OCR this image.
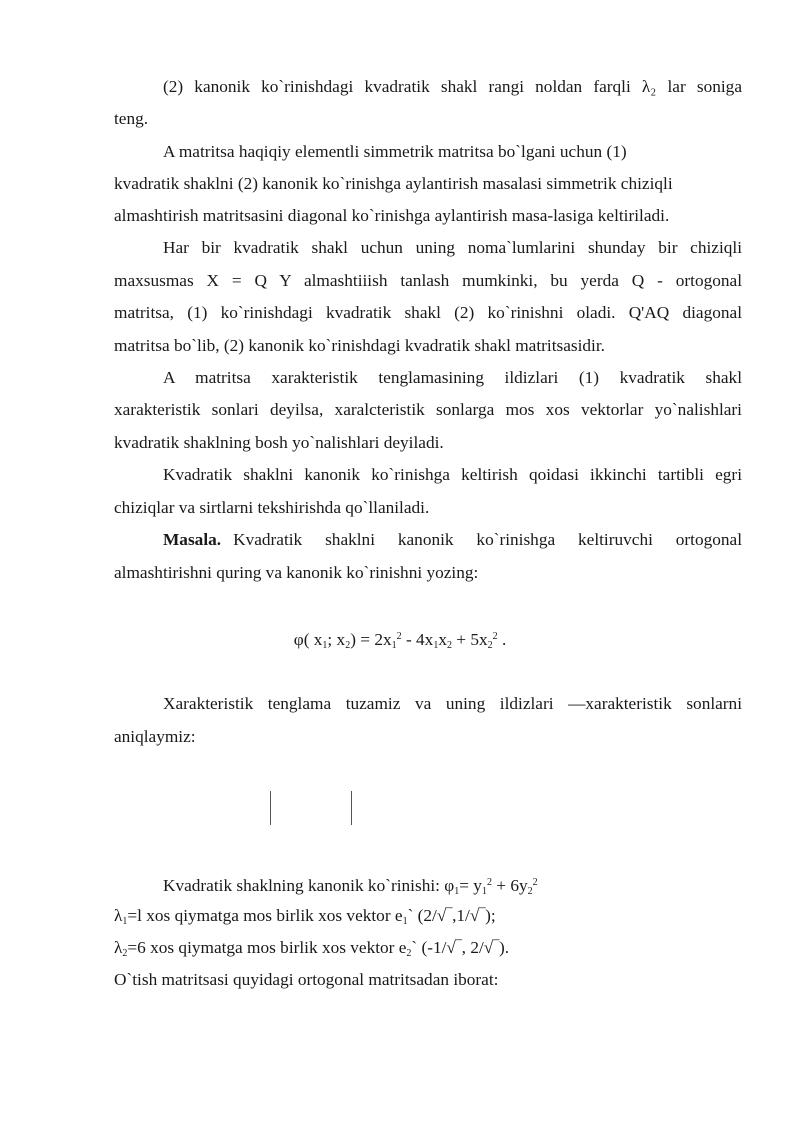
(2) kanonik ko`rinishdagi kvadratik shakl rangi noldan farqli λ₂ lar soniga
teng.
A matritsa haqiqiy elementli simmetrik matritsa bo`lgani uchun (1)
kvadratik shaklni (2) kanonik ko`rinishga aylantirish masalasi simmetrik chiziqli
almashtirish matritsasini diagonal ko`rinishga aylantirish masa-lasiga keltiriladi.
Har bir kvadratik shakl uchun uning noma`lumlarini shunday bir chiziqli
maxsusmas X = Q Y almashtiiish tanlash mumkinki, bu yerda Q - ortogonal
matritsa, (1) ko`rinishdagi kvadratik shakl (2) ko`rinishni oladi. Q'AQ diagonal
matritsa bo`lib, (2) kanonik ko`rinishdagi kvadratik shakl matritsasidir.
A matritsa xarakteristik tenglamasining ildizlari (1) kvadratik shakl
xarakteristik sonlari deyilsa, xaralcteristik sonlarga mos xos vektorlar yo`nalishlari
kvadratik shaklning bosh yo`nalishlari deyiladi.
Kvadratik shaklni kanonik ko`rinishga keltirish qoidasi ikkinchi tartibli egri
chiziqlar va sirtlarni tekshirishda qo`llaniladi.
Masala. Kvadratik shaklni kanonik ko`rinishga keltiruvchi ortogonal
almashtirishni quring va kanonik ko`rinishni yozing:
φ( $x_1$; $x_2) = 2x_1^2 - 4x_1x_2 + 5x_2^2$ .
Xarakteristik tenglama tuzamiz va uning ildizlari —xarakteristik sonlarni
aniqlaymiz:
Kvadratik shaklning kanonik ko`rinishi: $\varphi_1= y_1^2 + 6y_2^2$
$\lambda_1=l$ xos qiymatga mos birlik xos vektor $e_1`$ (2/√‾,1/√‾);
$\lambda_2=6$ xos qiymatga mos birlik xos vektor $e_2`$ (-1/√‾, 2/√‾).
O`tish matritsasi quyidagi ortogonal matritsadan iborat:
